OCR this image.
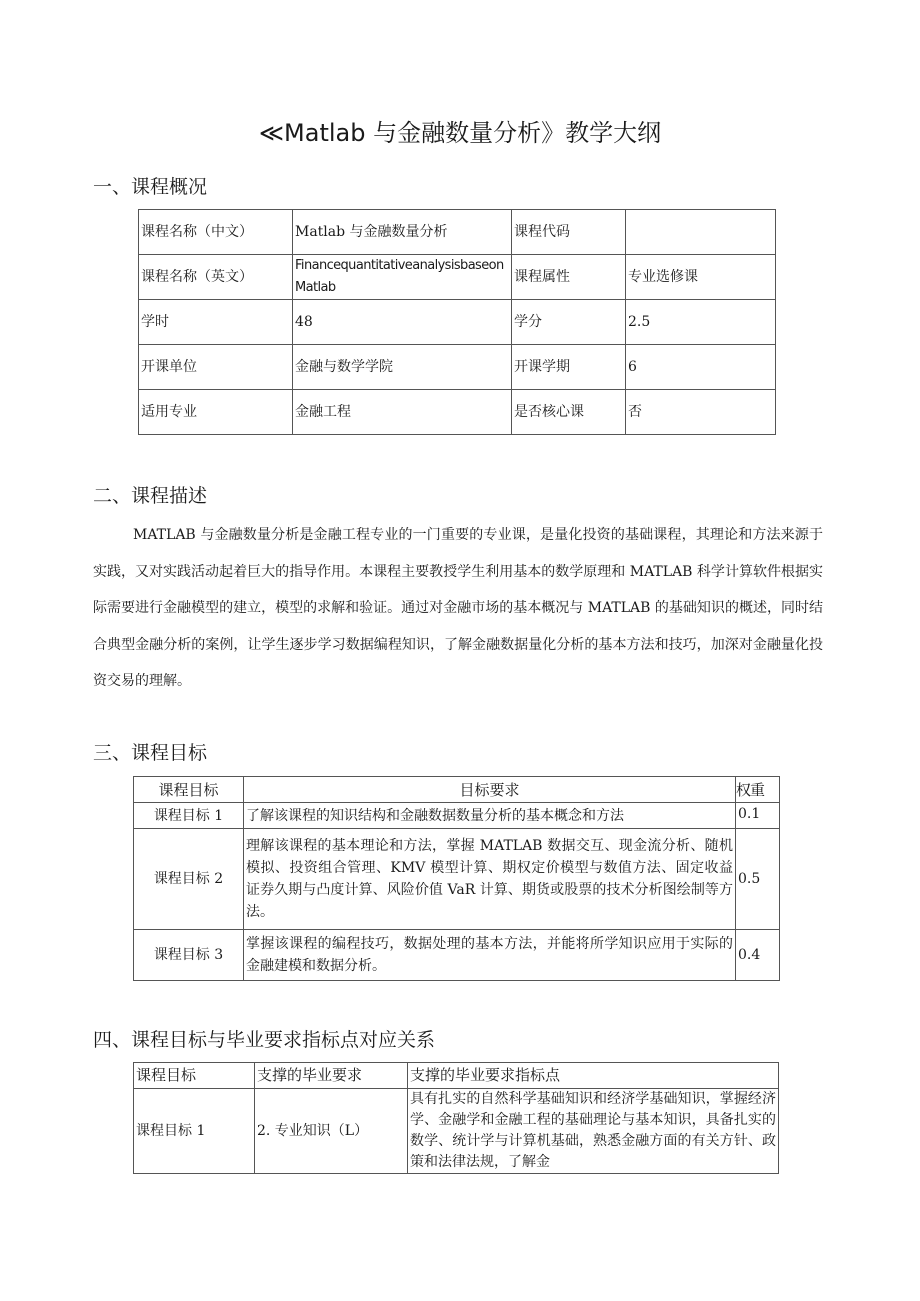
≪Matlab 与金融数量分析》教学大纲
一、课程概况
课程名称（中文）	Matlab 与金融数量分析	课程代码	
课程名称（英文）	Financequantitativeanalysisbaseon Matlab	课程属性	专业选修课
学时	48	学分	2.5
开课单位	金融与数学学院	开课学期	6
适用专业	金融工程	是否核心课	否
二、课程描述

MATLAB 与金融数量分析是金融工程专业的一门重要的专业课，是量化投资的基础课程，其理论和方法来源于实践，又对实践活动起着巨大的指导作用。本课程主要教授学生利用基本的数学原理和 MATLAB 科学计算软件根据实际需要进行金融模型的建立，模型的求解和验证。通过对金融市场的基本概况与 MATLAB 的基础知识的概述，同时结合典型金融分析的案例，让学生逐步学习数据编程知识，了解金融数据量化分析的基本方法和技巧，加深对金融量化投资交易的理解。

三、课程目标
课程目标	目标要求	权重
课程目标 1	了解该课程的知识结构和金融数据数量分析的基本概念和方法	0.1
课程目标 2	理解该课程的基本理论和方法，掌握 MATLAB 数据交互、现金流分析、随机模拟、投资组合管理、KMV 模型计算、期权定价模型与数值方法、固定收益证券久期与凸度计算、风险价值 VaR 计算、期货或股票的技术分析图绘制等方法。	0.5
课程目标 3	掌握该课程的编程技巧，数据处理的基本方法，并能将所学知识应用于实际的金融建模和数据分析。	0.4
四、课程目标与毕业要求指标点对应关系
课程目标	支撑的毕业要求	支撑的毕业要求指标点
课程目标 1	2. 专业知识（L）	具有扎实的自然科学基础知识和经济学基础知识，掌握经济学、金融学和金融工程的基础理论与基本知识，具备扎实的数学、统计学与计算机基础，熟悉金融方面的有关方针、政策和法律法规，了解金
